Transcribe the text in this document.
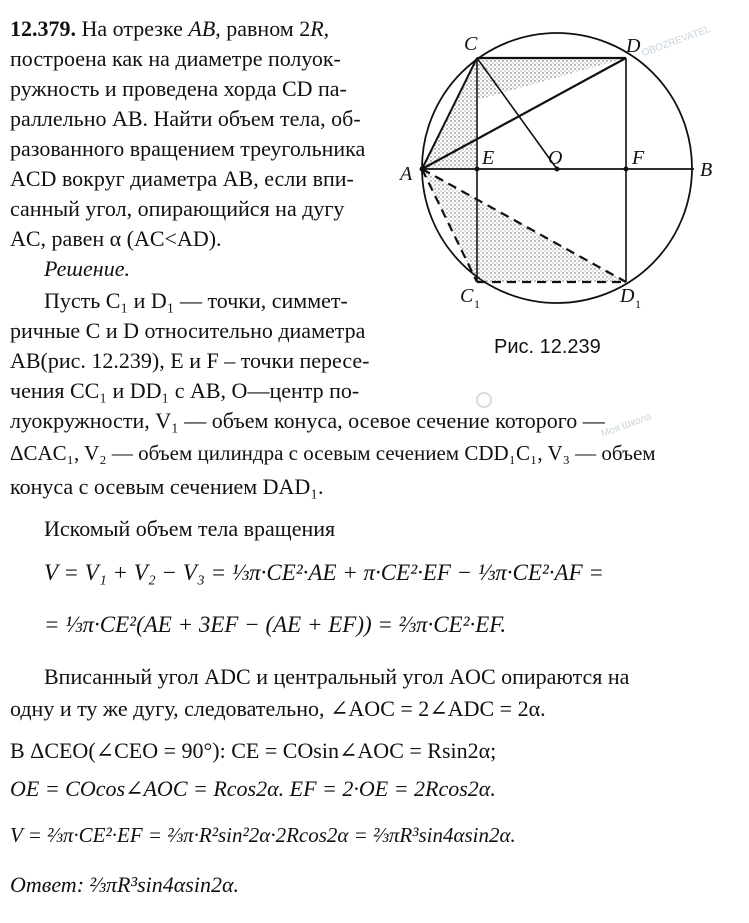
12.379. На отрезке AB, равном 2R,
построена как на диаметре полуок-
ружность и проведена хорда CD па-
раллельно AB. Найти объем тела, об-
разованного вращением треугольника
ACD вокруг диаметра AB, если впи-
санный угол, опирающийся на дугу
AC, равен α (AC<AD).
Решение.
Пусть C₁ и D₁ — точки, симмет-
ричные C и D относительно диаметра
AB(рис. 12.239), E и F – точки пересе-
чения CC₁ и DD₁ с AB, O—центр по-
луокружности, V₁ — объем конуса, осевое сечение которого —
ΔCAC₁, V₂ — объем цилиндра с осевым сечением CDD₁C₁, V₃ — объем
конуса с осевым сечением DAD₁.
Искомый объем тела вращения
V = V₁ + V₂ − V₃ = ⅓π·CE²·AE + π·CE²·EF − ⅓π·CE²·AF =
= ⅓π·CE²(AE + 3EF − (AE + EF)) = ⅔π·CE²·EF.
Вписанный угол ADC и центральный угол AOC опираются на
одну и ту же дугу, следовательно, ∠AOC = 2∠ADC = 2α.
В ΔCEO(∠CEO = 90°): CE = COsin∠AOC = Rsin2α;
OE = COcos∠AOC = Rcos2α. EF = 2·OE = 2Rcos2α.
V = ⅔π·CE²·EF = ⅔π·R²sin²2α·2Rcos2α = ⅔πR³sin4αsin2α.
Ответ: ⅔πR³sin4αsin2α.
C	D
A
E	O	F
B
C 1	D 1
Рис. 12.239
OBOZREVATEL
Моя Школа
